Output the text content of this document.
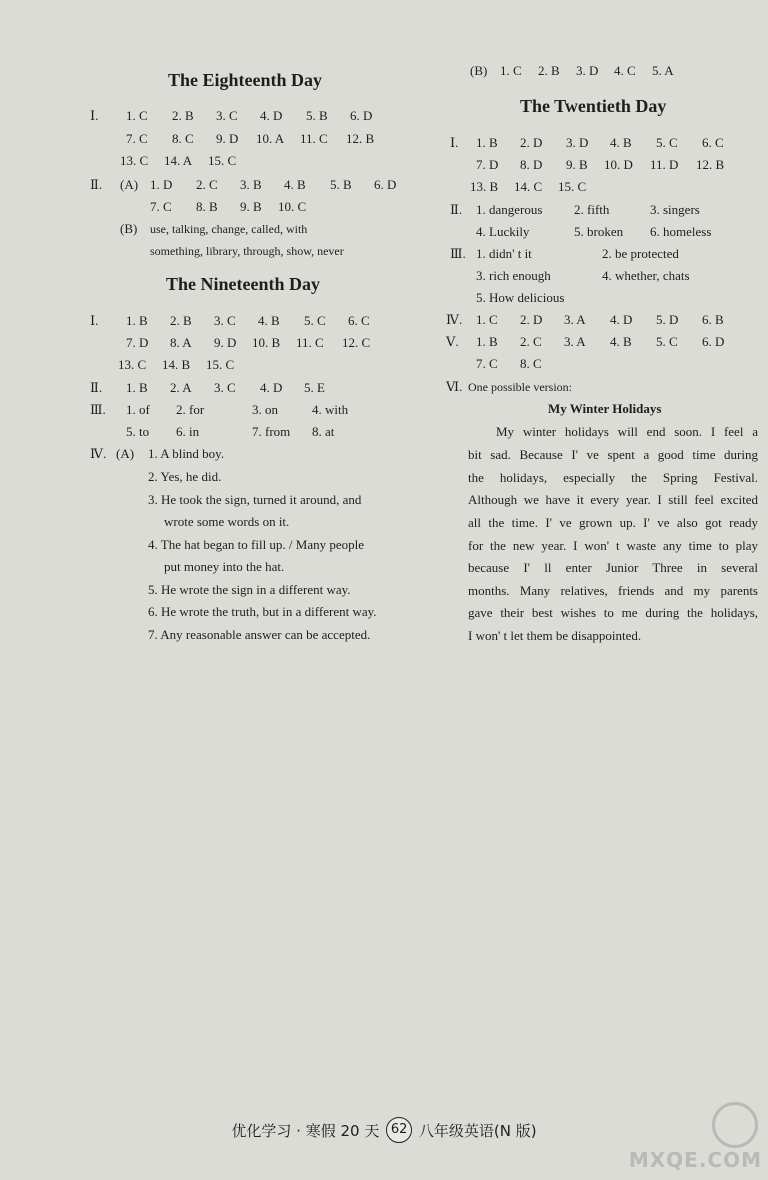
The Eighteenth Day
Ⅰ.	1. C 2. B 3. C 4. D 5. B 6. D
7. C 8. C 9. D 10. A 11. C 12. B
13. C 14. A 15. C
Ⅱ.	(A) 1. D 2. C 3. B 4. B 5. B 6. D
7. C 8. B 9. B 10. C
(B) use, talking, change, called, with
something, library, through, show, never
The Nineteenth Day
Ⅰ.	1. B 2. B 3. C 4. B 5. C 6. C
7. D 8. A 9. D 10. B 11. C 12. C
13. C 14. B 15. C
Ⅱ.	1. B 2. A 3. C 4. D 5. E
Ⅲ.	1. of 2. for	3. on	4. with
5. to 6. in	7. from 8. at
Ⅳ. (A) 1. A blind boy.
2. Yes, he did.
3. He took the sign, turned it around, and
wrote some words on it.
4. The hat began to fill up. / Many people
put money into the hat.
5. He wrote the sign in a different way.
6. He wrote the truth, but in a different way.
7. Any reasonable answer can be accepted.
(B) 1. C 2. B 3. D 4. C 5. A
The Twentieth Day
Ⅰ.	1. B 2. D 3. D 4. B 5. C 6. C
7. D 8. D 9. B 10. D 11. D 12. B
13. B 14. C 15. C
Ⅱ.	1. dangerous 2. fifth	3. singers
4. Luckily	5. broken 6. homeless
Ⅲ. 1. didn' t it	2. be protected
3. rich enough	4. whether, chats
5. How delicious
Ⅳ.	1. C 2. D 3. A 4. D 5. D 6. B
Ⅴ.	1. B 2. C 3. A 4. B 5. C 6. D
7. C 8. C
Ⅵ. One possible version:
My Winter Holidays
My winter holidays will end soon. I feel a
bit sad. Because I' ve spent a good time during
the holidays, especially the Spring Festival.
Although we have it every year. I still feel excited
all the time. I' ve grown up. I' ve also got ready
for the new year. I won' t waste any time to play
because I' ll enter Junior Three in several
months. Many relatives, friends and my parents
gave their best wishes to me during the holidays,
I won' t let them be disappointed.
优化学习 · 寒假 20 天 62 八年级英语(N 版)
MXQE.COM
